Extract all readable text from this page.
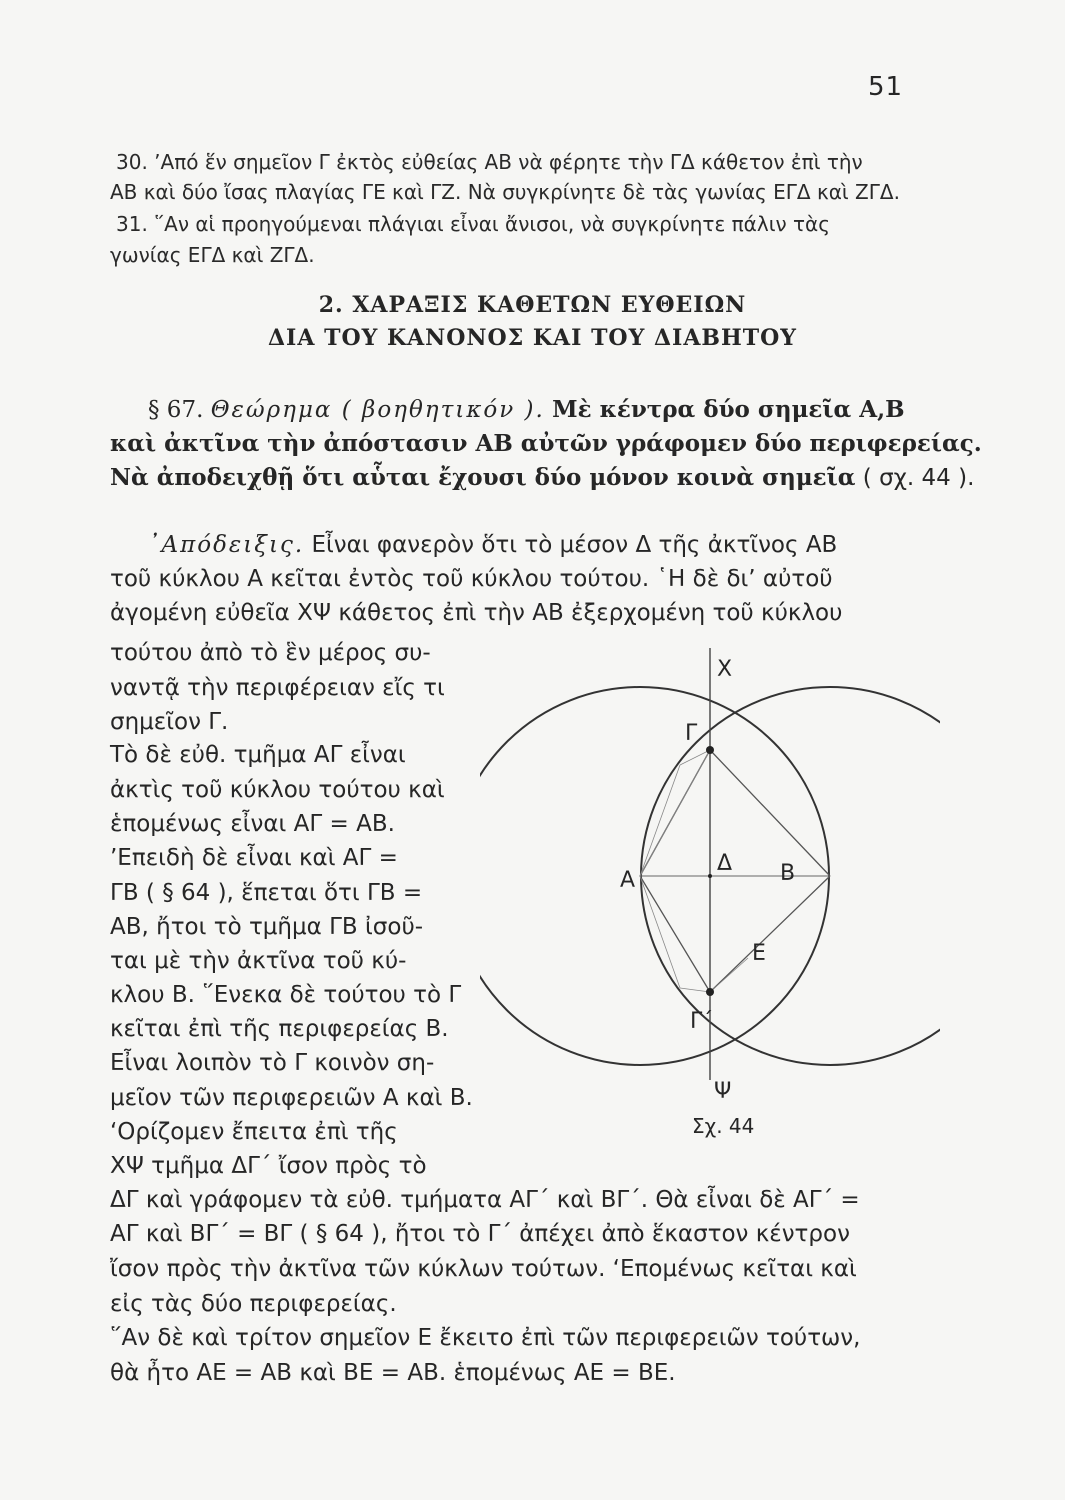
51
30. ’Από ἕν σημεῖον Γ ἐκτὸς εὐθείας ΑΒ νὰ φέρητε τὴν ΓΔ κάθετον ἐπὶ τὴν
ΑΒ καὶ δύο ἴσας πλαγίας ΓΕ καὶ ΓΖ. Νὰ συγκρίνητε δὲ τὰς γωνίας ΕΓΔ καὶ ΖΓΔ.
31. ῞Αν αἱ προηγούμεναι πλάγιαι εἶναι ἄνισοι, νὰ συγκρίνητε πάλιν τὰς
γωνίας ΕΓΔ καὶ ΖΓΔ.
2. ΧΑΡΑΞΙΣ ΚΑΘΕΤΩΝ ΕΥΘΕΙΩΝ
ΔΙΑ ΤΟΥ ΚΑΝΟΝΟΣ ΚΑΙ ΤΟΥ ΔΙΑΒΗΤΟΥ
§ 67. Θεώρημα ( βοηθητικόν ). Μὲ κέντρα δύο σημεῖα Α,Β
καὶ ἀκτῖνα τὴν ἀπόστασιν ΑΒ αὐτῶν γράφομεν δύο περιφερείας.
Νὰ ἀποδειχθῇ ὅτι αὗται ἔχουσι δύο μόνον κοινὰ σημεῖα ( σχ. 44 ).
᾿Απόδειξις. Εἶναι φανερὸν ὅτι τὸ μέσον Δ τῆς ἀκτῖνος ΑΒ
τοῦ κύκλου Α κεῖται ἐντὸς τοῦ κύκλου τούτου. ῾Η δὲ δι’ αὐτοῦ
ἀγομένη εὐθεῖα ΧΨ κάθετος ἐπὶ τὴν ΑΒ ἐξερχομένη τοῦ κύκλου
τούτου ἀπὸ τὸ ἓν μέρος συ-
ναντᾷ τὴν περιφέρειαν εἴς τι
σημεῖον Γ.
Τὸ δὲ εὐθ. τμῆμα ΑΓ εἶναι
ἀκτὶς τοῦ κύκλου τούτου καὶ
ἑπομένως εἶναι ΑΓ = ΑΒ.
’Επειδὴ δὲ εἶναι καὶ ΑΓ =
ΓΒ ( § 64 ), ἕπεται ὅτι ΓΒ =
ΑΒ, ἤτοι τὸ τμῆμα ΓΒ ἰσοῦ-
ται μὲ τὴν ἀκτῖνα τοῦ κύ-
κλου Β. ῞Ενεκα δὲ τούτου τὸ Γ
κεῖται ἐπὶ τῆς περιφερείας Β.
Εἶναι λοιπὸν τὸ Γ κοινὸν ση-
μεῖον τῶν περιφερειῶν Α καὶ Β.
‘Ορίζομεν ἔπειτα ἐπὶ τῆς
ΧΨ τμῆμα ΔΓ΄ ἴσον πρὸς τὸ
ΔΓ καὶ γράφομεν τὰ εὐθ. τμήματα ΑΓ΄ καὶ ΒΓ΄. Θὰ εἶναι δὲ ΑΓ΄ =
ΑΓ καὶ ΒΓ΄ = ΒΓ ( § 64 ), ἤτοι τὸ Γ΄ ἀπέχει ἀπὸ ἕκαστον κέντρον
ἴσον πρὸς τὴν ἀκτῖνα τῶν κύκλων τούτων. ‘Επομένως κεῖται καὶ
εἰς τὰς δύο περιφερείας.
῞Αν δὲ καὶ τρίτον σημεῖον Ε ἔκειτο ἐπὶ τῶν περιφερειῶν τούτων,
θὰ ἦτο ΑΕ = ΑΒ καὶ ΒΕ = ΑΒ. ἑπομένως ΑΕ = ΒΕ.
Χ
Γ
Α
Δ Β
Ε
Γ΄
Ψ
Σχ. 44
